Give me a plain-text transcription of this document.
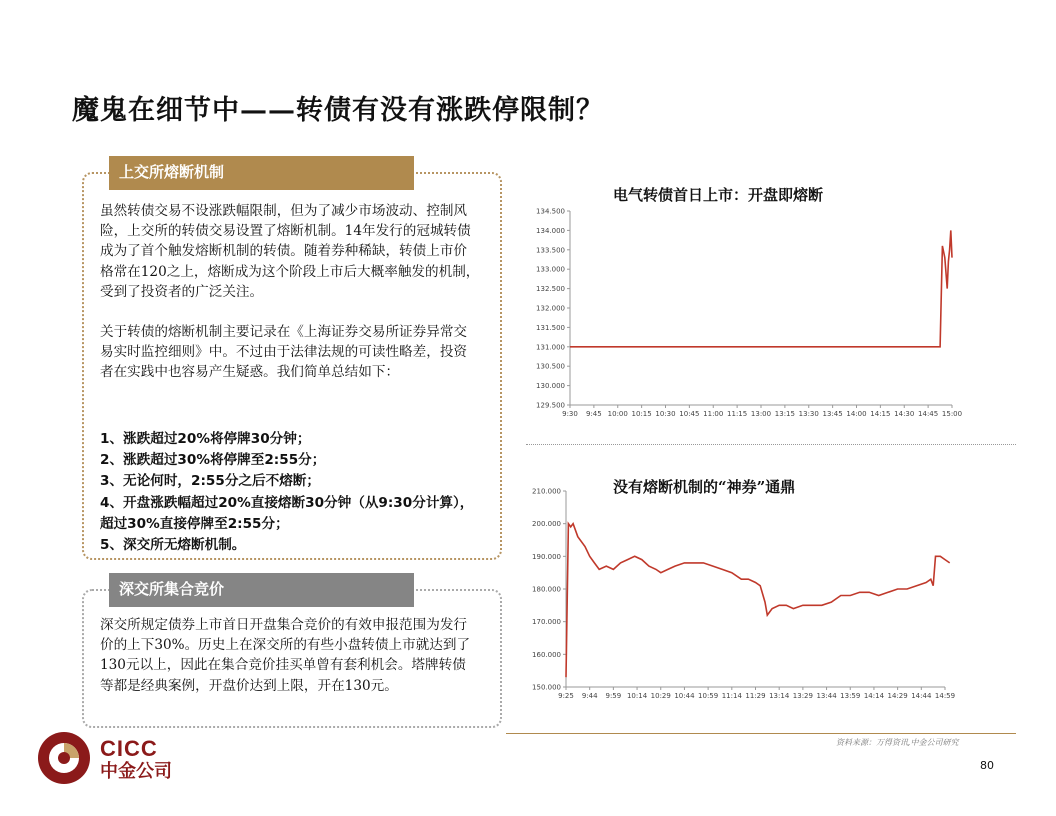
魔鬼在细节中——转债有没有涨跌停限制？
上交所熔断机制
虽然转债交易不设涨跌幅限制，但为了减少市场波动、控制风险，上交所的转债交易设置了熔断机制。14年发行的冠城转债成为了首个触发熔断机制的转债。随着券种稀缺，转债上市价格常在120之上，熔断成为这个阶段上市后大概率触发的机制，受到了投资者的广泛关注。
关于转债的熔断机制主要记录在《上海证券交易所证券异常交易实时监控细则》中。不过由于法律法规的可读性略差，投资者在实践中也容易产生疑惑。我们简单总结如下：
1、涨跌超过20%将停牌30分钟；
2、涨跌超过30%将停牌至2:55分；
3、无论何时，2:55分之后不熔断；
4、开盘涨跌幅超过20%直接熔断30分钟（从9:30分计算），超过30%直接停牌至2:55分；
5、深交所无熔断机制。
深交所集合竞价
深交所规定债券上市首日开盘集合竞价的有效申报范围为发行价的上下30%。历史上在深交所的有些小盘转债上市就达到了130元以上，因此在集合竞价挂买单曾有套利机会。塔牌转债等都是经典案例，开盘价达到上限，开在130元。
电气转债首日上市：开盘即熔断
134.500
134.000
133.500
133.000
132.500
132.000
131.500
131.000
130.500
130.000
129.500
9:30 9:45 10:00 10:15 10:30 10:45 11:00 11:15 13:00 13:15 13:30 13:45 14:00 14:15 14:30 14:45 15:00
没有熔断机制的“神券”通鼎
210.000
200.000
190.000
180.000
170.000
160.000
150.000
9:25 9:44 9:59 10:14 10:29 10:44 10:59 11:14 11:29 13:14 13:29 13:44 13:59 14:14 14:29 14:44 14:59
资料来源：万得资讯,中金公司研究
80
CICC
中金公司
